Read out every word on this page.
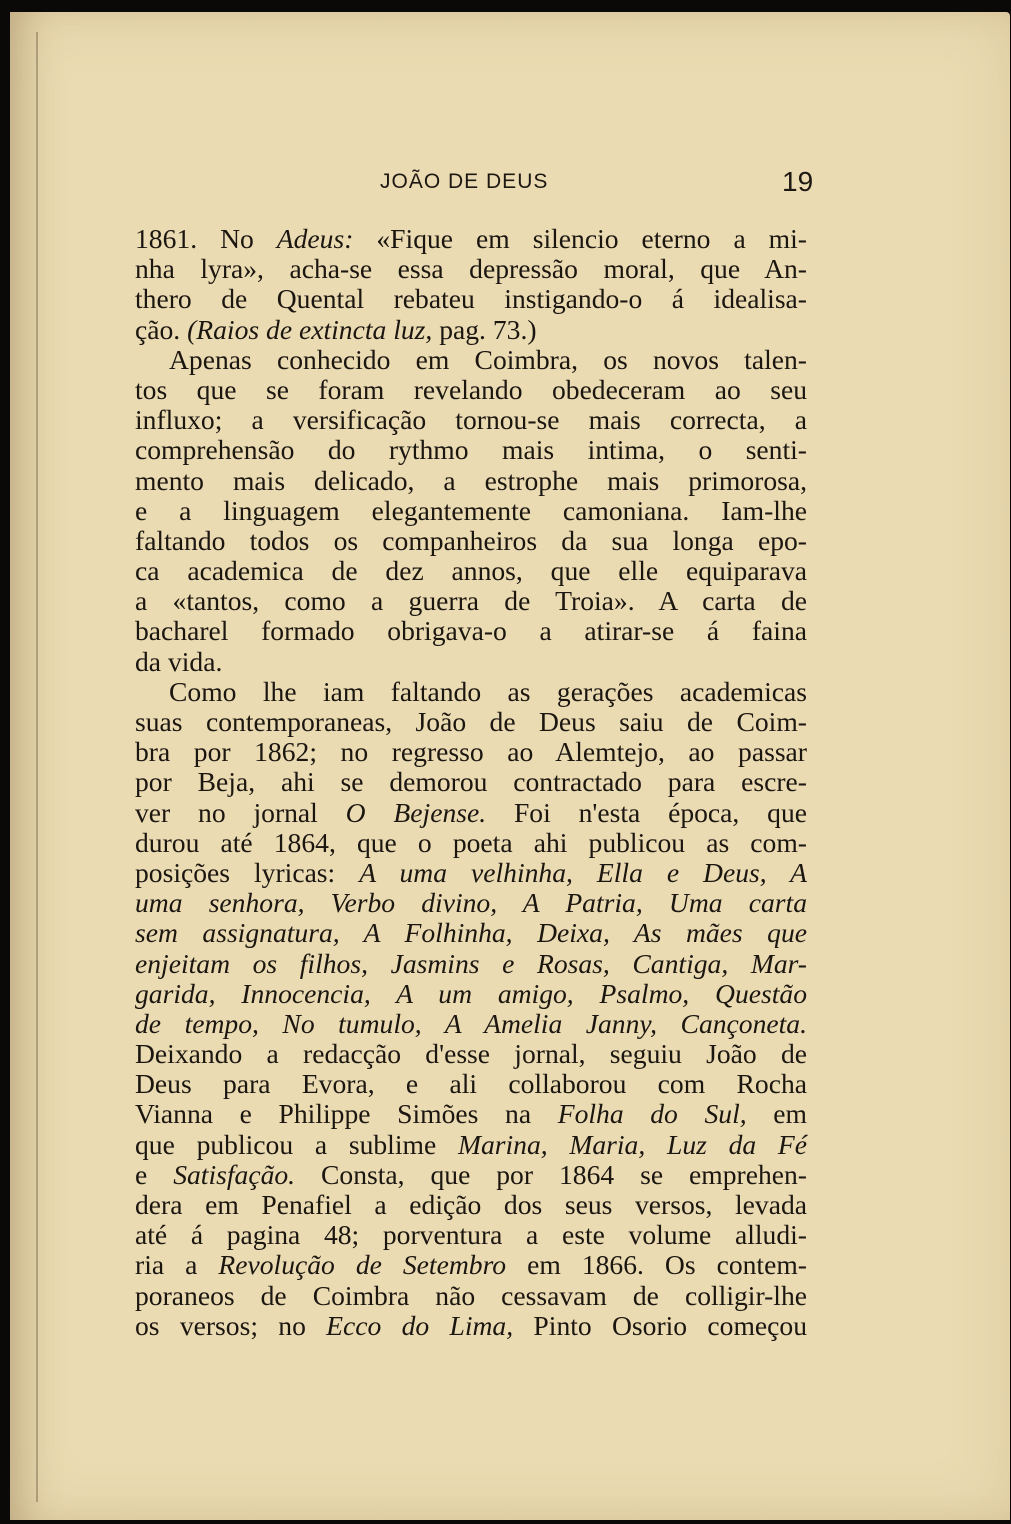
JOÃO DE DEUS	19
1861. No Adeus: «Fique em silencio eterno a mi-
nha lyra», acha-se essa depressão moral, que An-
thero de Quental rebateu instigando-o á idealisa-
ção. (Raios de extincta luz, pag. 73.)
Apenas conhecido em Coimbra, os novos talen-
tos que se foram revelando obedeceram ao seu
influxo; a versificação tornou-se mais correcta, a
comprehensão do rythmo mais intima, o senti-
mento mais delicado, a estrophe mais primorosa,
e a linguagem elegantemente camoniana. Iam-lhe
faltando todos os companheiros da sua longa epo-
ca academica de dez annos, que elle equiparava
a «tantos, como a guerra de Troia». A carta de
bacharel formado obrigava-o a atirar-se á faina
da vida.
Como lhe iam faltando as gerações academicas
suas contemporaneas, João de Deus saiu de Coim-
bra por 1862; no regresso ao Alemtejo, ao passar
por Beja, ahi se demorou contractado para escre-
ver no jornal O Bejense. Foi n'esta época, que
durou até 1864, que o poeta ahi publicou as com-
posições lyricas: A uma velhinha, Ella e Deus, A
uma senhora, Verbo divino, A Patria, Uma carta
sem assignatura, A Folhinha, Deixa, As mães que
enjeitam os filhos, Jasmins e Rosas, Cantiga, Mar-
garida, Innocencia, A um amigo, Psalmo, Questão
de tempo, No tumulo, A Amelia Janny, Cançoneta.
Deixando a redacção d'esse jornal, seguiu João de
Deus para Evora, e ali collaborou com Rocha
Vianna e Philippe Simões na Folha do Sul, em
que publicou a sublime Marina, Maria, Luz da Fé
e Satisfação. Consta, que por 1864 se emprehen-
dera em Penafiel a edição dos seus versos, levada
até á pagina 48; porventura a este volume alludi-
ria a Revolução de Setembro em 1866. Os contem-
poraneos de Coimbra não cessavam de colligir-lhe
os versos; no Ecco do Lima, Pinto Osorio começou
